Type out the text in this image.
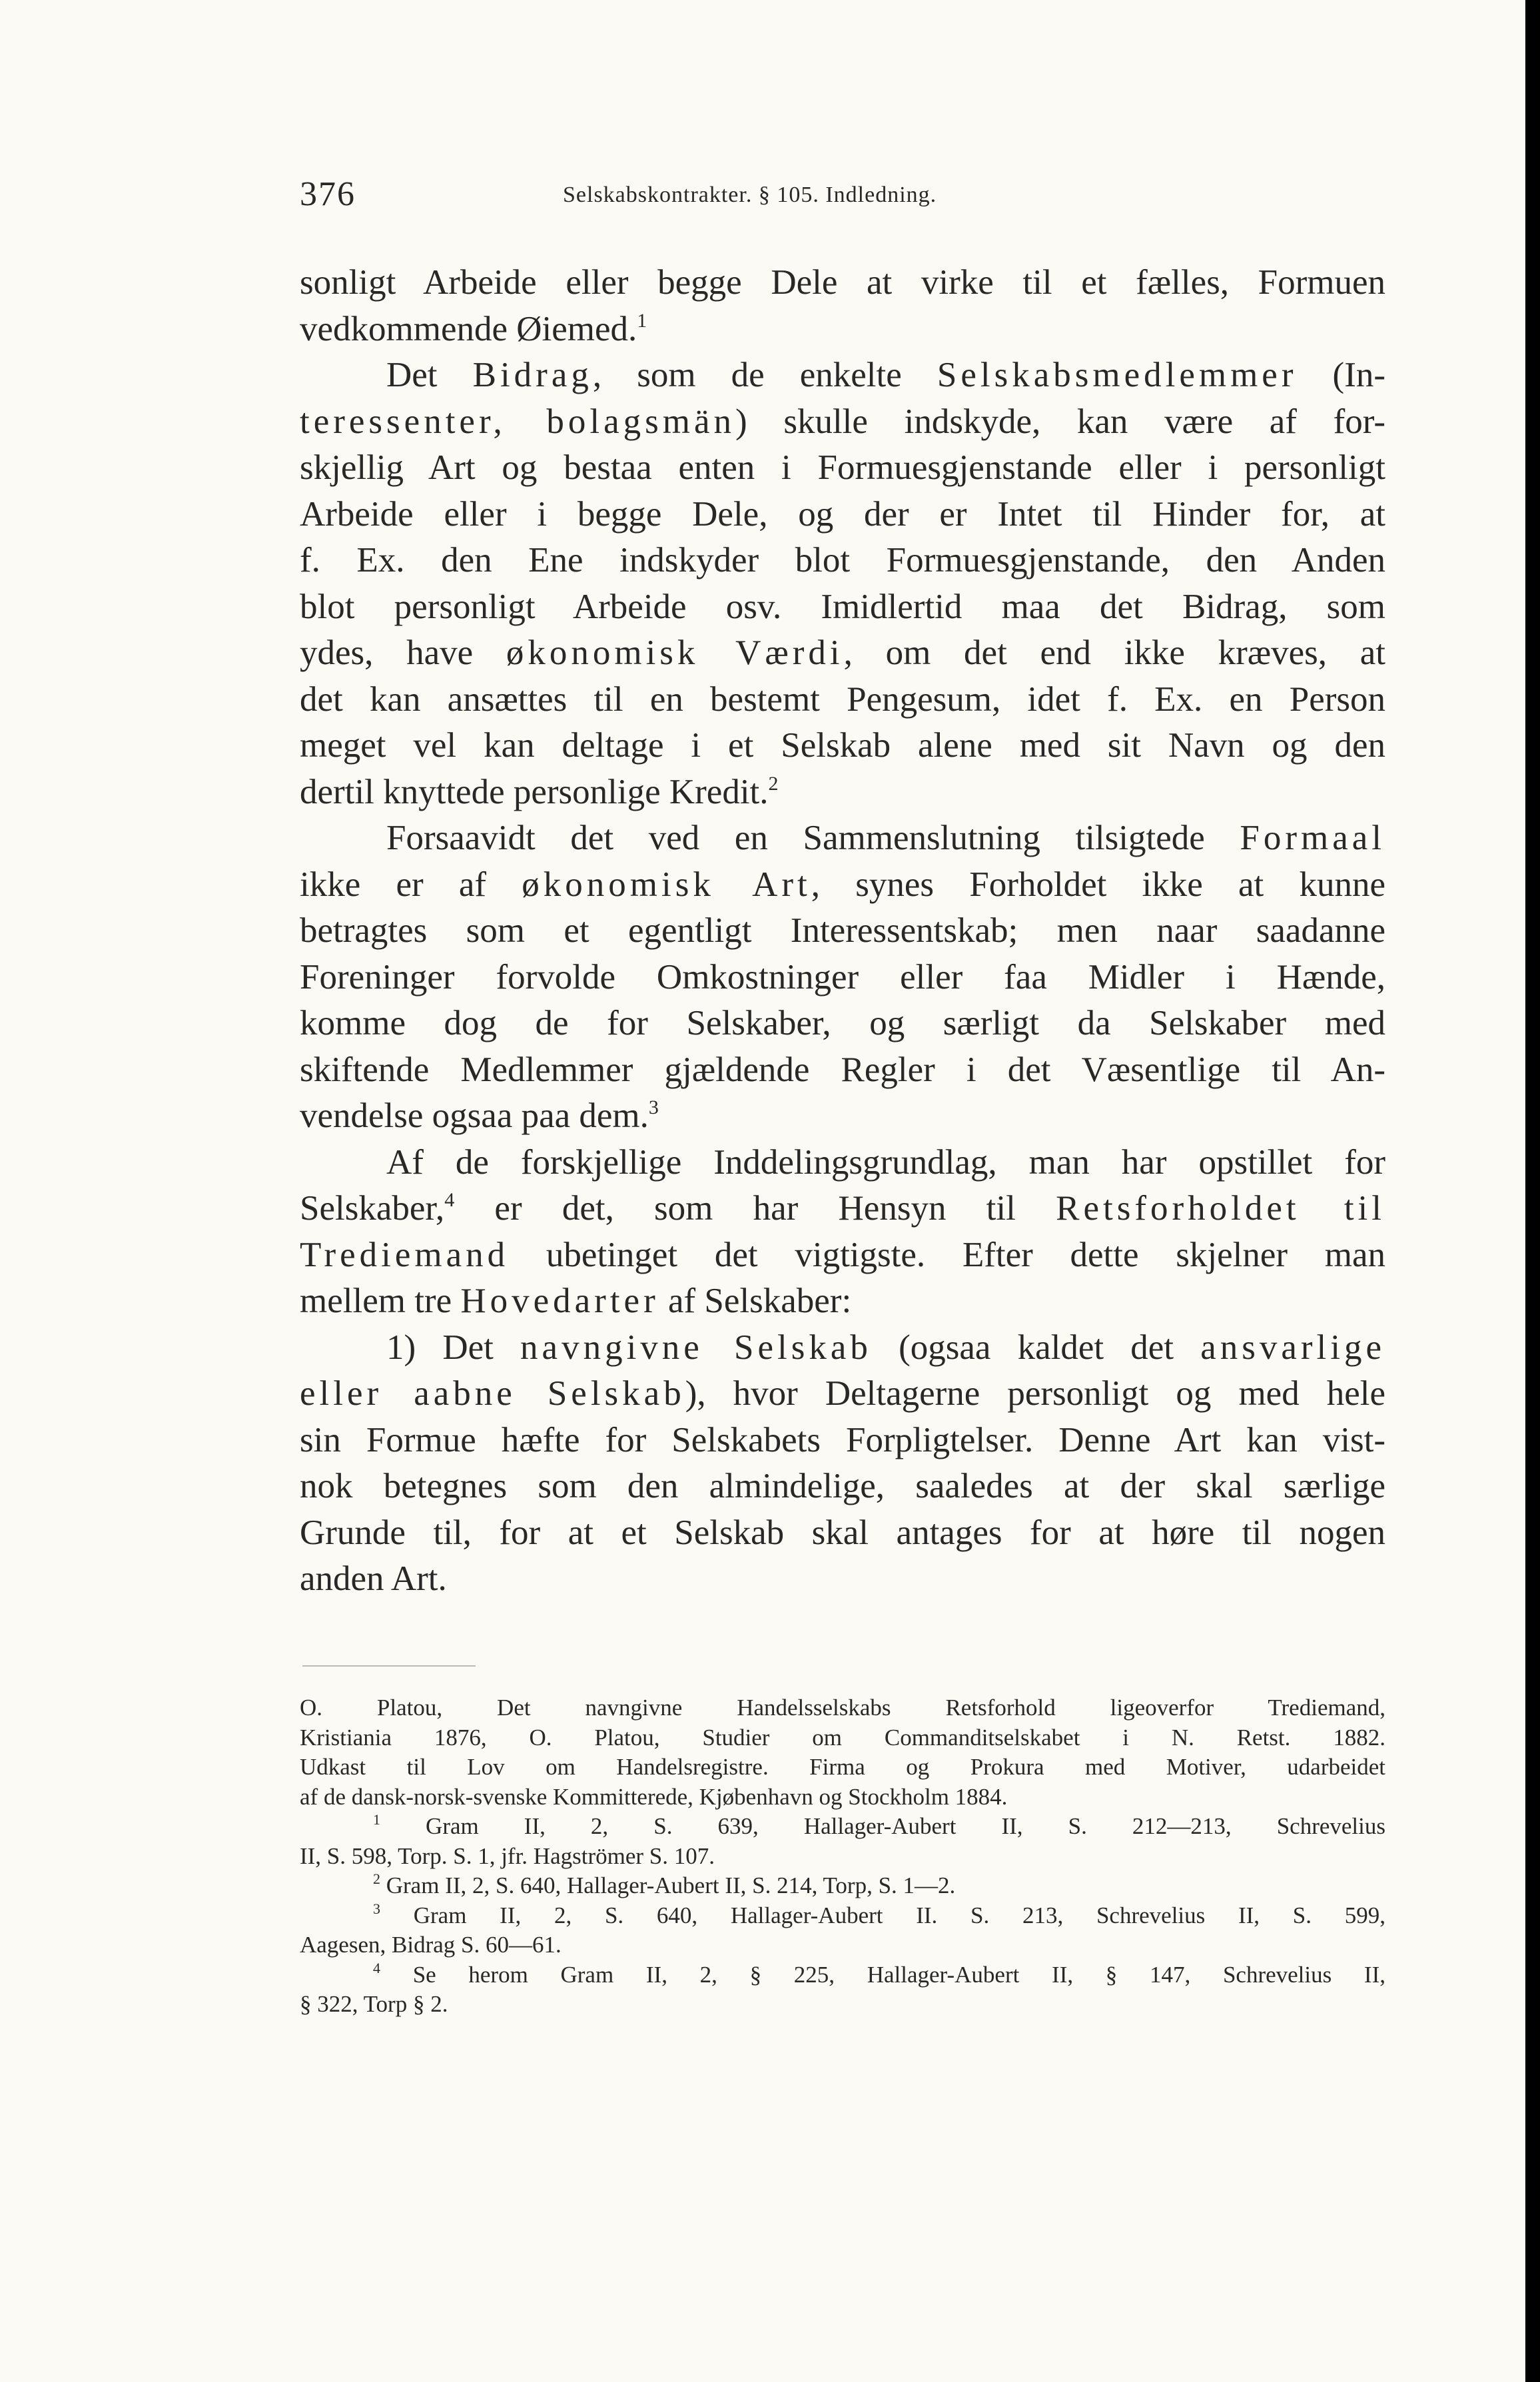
376	Selskabskontrakter. § 105. Indledning.
sonligt Arbeide eller begge Dele at virke til et fælles, Formuen
vedkommende Øiemed.$^1$
Det Bidrag, som de enkelte Selskabsmedlemmer (In-
teressenter, bolagsmän) skulle indskyde, kan være af for-
skjellig Art og bestaa enten i Formuesgjenstande eller i personligt
Arbeide eller i begge Dele, og der er Intet til Hinder for, at
f. Ex. den Ene indskyder blot Formuesgjenstande, den Anden
blot personligt Arbeide osv. Imidlertid maa det Bidrag, som
ydes, have økonomisk Værdi, om det end ikke kræves, at
det kan ansættes til en bestemt Pengesum, idet f. Ex. en Person
meget vel kan deltage i et Selskab alene med sit Navn og den
dertil knyttede personlige Kredit.$^2$
Forsaavidt det ved en Sammenslutning tilsigtede Formaal
ikke er af økonomisk Art, synes Forholdet ikke at kunne
betragtes som et egentligt Interessentskab; men naar saadanne
Foreninger forvolde Omkostninger eller faa Midler i Hænde,
komme dog de for Selskaber, og særligt da Selskaber med
skiftende Medlemmer gjældende Regler i det Væsentlige til An-
vendelse ogsaa paa dem.$^3$
Af de forskjellige Inddelingsgrundlag, man har opstillet for
Selskaber,$^4$ er det, som har Hensyn til Retsforholdet til
Trediemand ubetinget det vigtigste. Efter dette skjelner man
mellem tre Hovedarter af Selskaber:
1) Det navngivne Selskab (ogsaa kaldet det ansvarlige
eller aabne Selskab), hvor Deltagerne personligt og med hele
sin Formue hæfte for Selskabets Forpligtelser. Denne Art kan vist-
nok betegnes som den almindelige, saaledes at der skal særlige
Grunde til, for at et Selskab skal antages for at høre til nogen
anden Art.
O. Platou, Det navngivne Handelsselskabs Retsforhold ligeoverfor Trediemand,
Kristiania 1876, O. Platou, Studier om Commanditselskabet i N. Retst. 1882.
Udkast til Lov om Handelsregistre. Firma og Prokura med Motiver, udarbeidet
af de dansk-norsk-svenske Kommitterede, Kjøbenhavn og Stockholm 1884.
$^1$ Gram II, 2, S. 639, Hallager-Aubert II, S. 212—213, Schrevelius
II, S. 598, Torp. S. 1, jfr. Hagströmer S. 107.
$^2$ Gram II, 2, S. 640, Hallager-Aubert II, S. 214, Torp, S. 1—2.
$^3$ Gram II, 2, S. 640, Hallager-Aubert II. S. 213, Schrevelius II, S. 599,
Aagesen, Bidrag S. 60—61.
$^4$ Se herom Gram II, 2, § 225, Hallager-Aubert II, § 147, Schrevelius II,
§ 322, Torp § 2.
